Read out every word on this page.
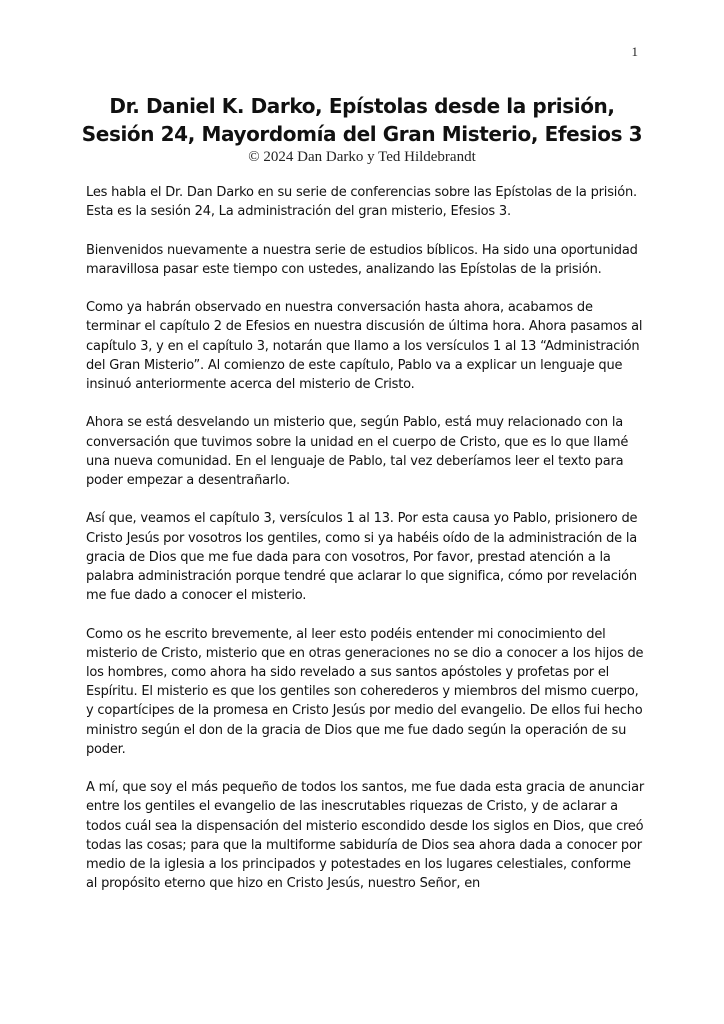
1
Dr. Daniel K. Darko, Epístolas desde la prisión,
Sesión 24, Mayordomía del Gran Misterio, Efesios 3

© 2024 Dan Darko y Ted Hildebrandt

Les habla el Dr. Dan Darko en su serie de conferencias sobre las Epístolas de la prisión. Esta es la sesión 24, La administración del gran misterio, Efesios 3.

Bienvenidos nuevamente a nuestra serie de estudios bíblicos. Ha sido una oportunidad maravillosa pasar este tiempo con ustedes, analizando las Epístolas de la prisión.

Como ya habrán observado en nuestra conversación hasta ahora, acabamos de terminar el capítulo 2 de Efesios en nuestra discusión de última hora. Ahora pasamos al capítulo 3, y en el capítulo 3, notarán que llamo a los versículos 1 al 13 “Administración del Gran Misterio”. Al comienzo de este capítulo, Pablo va a explicar un lenguaje que insinuó anteriormente acerca del misterio de Cristo.

Ahora se está desvelando un misterio que, según Pablo, está muy relacionado con la conversación que tuvimos sobre la unidad en el cuerpo de Cristo, que es lo que llamé una nueva comunidad. En el lenguaje de Pablo, tal vez deberíamos leer el texto para poder empezar a desentrañarlo.

Así que, veamos el capítulo 3, versículos 1 al 13. Por esta causa yo Pablo, prisionero de Cristo Jesús por vosotros los gentiles, como si ya habéis oído de la administración de la gracia de Dios que me fue dada para con vosotros, Por favor, prestad atención a la palabra administración porque tendré que aclarar lo que significa, cómo por revelación me fue dado a conocer el misterio.

Como os he escrito brevemente, al leer esto podéis entender mi conocimiento del misterio de Cristo, misterio que en otras generaciones no se dio a conocer a los hijos de los hombres, como ahora ha sido revelado a sus santos apóstoles y profetas por el Espíritu. El misterio es que los gentiles son coherederos y miembros del mismo cuerpo, y copartícipes de la promesa en Cristo Jesús por medio del evangelio. De ellos fui hecho ministro según el don de la gracia de Dios que me fue dado según la operación de su poder.

A mí, que soy el más pequeño de todos los santos, me fue dada esta gracia de anunciar entre los gentiles el evangelio de las inescrutables riquezas de Cristo, y de aclarar a todos cuál sea la dispensación del misterio escondido desde los siglos en Dios, que creó todas las cosas; para que la multiforme sabiduría de Dios sea ahora dada a conocer por medio de la iglesia a los principados y potestades en los lugares celestiales, conforme al propósito eterno que hizo en Cristo Jesús, nuestro Señor, en
